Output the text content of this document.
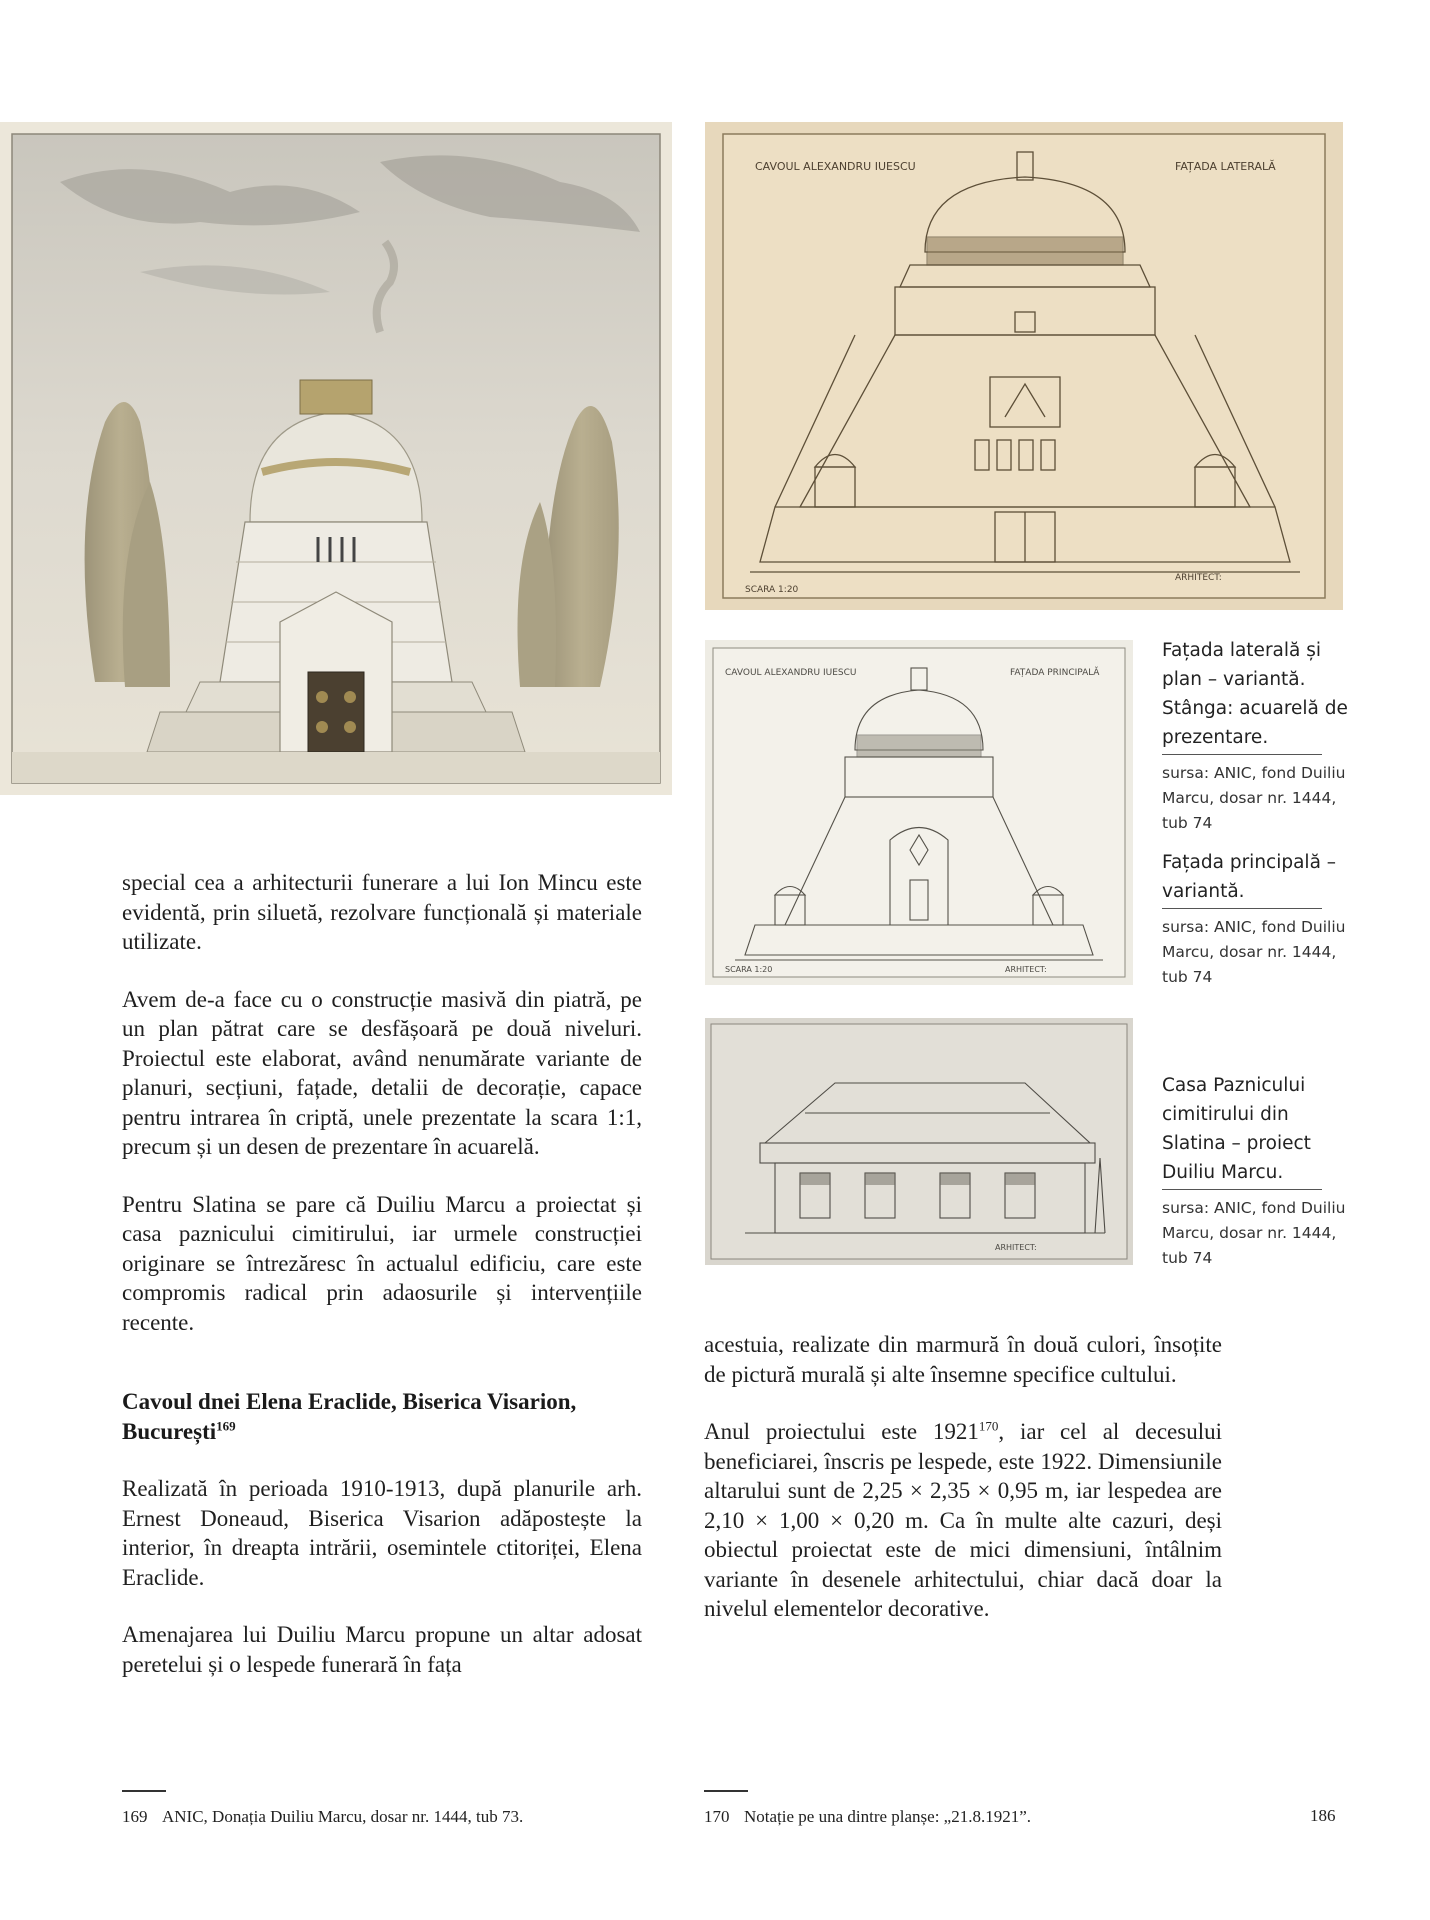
CAVOUL ALEXANDRU IUESCU	FAȚADA LATERALĂ
SCARA 1:20
ARHITECT:
CAVOUL ALEXANDRU IUESCU	FAȚADA PRINCIPALĂ
SCARA 1:20	ARHITECT:
ARHITECT:
Fațada laterală și plan – variantă. Stânga: acuarelă de prezentare.
sursa: ANIC, fond Duiliu Marcu, dosar nr. 1444, tub 74
Fațada principală – variantă.
sursa: ANIC, fond Duiliu Marcu, dosar nr. 1444, tub 74
Casa Paznicului cimitirului din Slatina – proiect Duiliu Marcu.
sursa: ANIC, fond Duiliu Marcu, dosar nr. 1444, tub 74

special cea a arhitecturii funerare a lui Ion Mincu este evidentă, prin siluetă, rezolvare funcțională și materiale utilizate.

Avem de-a face cu o construcție masivă din piatră, pe un plan pătrat care se desfășoară pe două niveluri. Proiectul este elaborat, având nenumărate variante de planuri, secțiuni, fațade, detalii de decorație, capace pentru intrarea în criptă, unele prezentate la scara 1:1, precum și un desen de prezentare în acuarelă.

Pentru Slatina se pare că Duiliu Marcu a proiectat și casa paznicului cimitirului, iar urmele construcției originare se întrezăresc în actualul edificiu, care este compromis radical prin adaosurile și intervențiile recente.

Cavoul dnei Elena Eraclide, Biserica Visarion, București$^{169}$

Realizată în perioada 1910-1913, după planurile arh. Ernest Doneaud, Biserica Visarion adăpostește la interior, în dreapta intrării, osemintele ctitoriței, Elena Eraclide.

Amenajarea lui Duiliu Marcu propune un altar adosat peretelui și o lespede funerară în fața

acestuia, realizate din marmură în două culori, însoțite de pictură murală și alte însemne specifice cultului.

Anul proiectului este 1921$^{170}$, iar cel al decesului beneficiarei, înscris pe lespede, este 1922. Dimensiunile altarului sunt de 2,25 × 2,35 × 0,95 m, iar lespedea are 2,10 × 1,00 × 0,20 m. Ca în multe alte cazuri, deși obiectul proiectat este de mici dimensiuni, întâlnim variante în desenele arhitectului, chiar dacă doar la nivelul elementelor decorative.

169 ANIC, Donația Duiliu Marcu, dosar nr. 1444, tub 73.	170 Notație pe una dintre planșe: „21.8.1921”.	186
